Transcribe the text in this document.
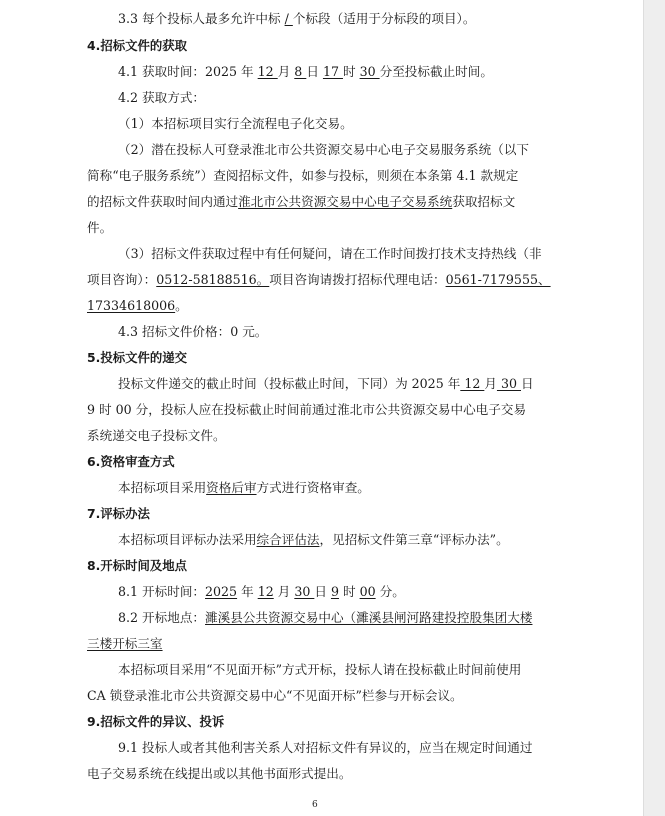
3.3 每个投标人最多允许中标 / 个标段（适用于分标段的项目）。
4.招标文件的获取
4.1 获取时间：2025 年 12 月 8 日 17 时 30 分至投标截止时间。
4.2 获取方式：
（1）本招标项目实行全流程电子化交易。
（2）潜在投标人可登录淮北市公共资源交易中心电子交易服务系统（以下
简称“电子服务系统”）查阅招标文件，如参与投标，则须在本条第 4.1 款规定
的招标文件获取时间内通过淮北市公共资源交易中心电子交易系统获取招标文
件。
（3）招标文件获取过程中有任何疑问，请在工作时间拨打技术支持热线（非
项目咨询）：0512-58188516。项目咨询请拨打招标代理电话：0561-7179555、
17334618006。
4.3 招标文件价格：0 元。
5.投标文件的递交
投标文件递交的截止时间（投标截止时间，下同）为 2025 年 12 月 30 日
9 时 00 分，投标人应在投标截止时间前通过淮北市公共资源交易中心电子交易
系统递交电子投标文件。
6.资格审查方式
本招标项目采用资格后审方式进行资格审查。
7.评标办法
本招标项目评标办法采用综合评估法，见招标文件第三章“评标办法”。
8.开标时间及地点
8.1 开标时间：2025 年 12 月 30 日 9 时 00 分。
8.2 开标地点：濉溪县公共资源交易中心（濉溪县闸河路建投控股集团大楼
三楼开标三室
本招标项目采用“不见面开标”方式开标，投标人请在投标截止时间前使用
CA 锁登录淮北市公共资源交易中心“不见面开标”栏参与开标会议。
9.招标文件的异议、投诉
9.1 投标人或者其他利害关系人对招标文件有异议的，应当在规定时间通过
电子交易系统在线提出或以其他书面形式提出。
6
